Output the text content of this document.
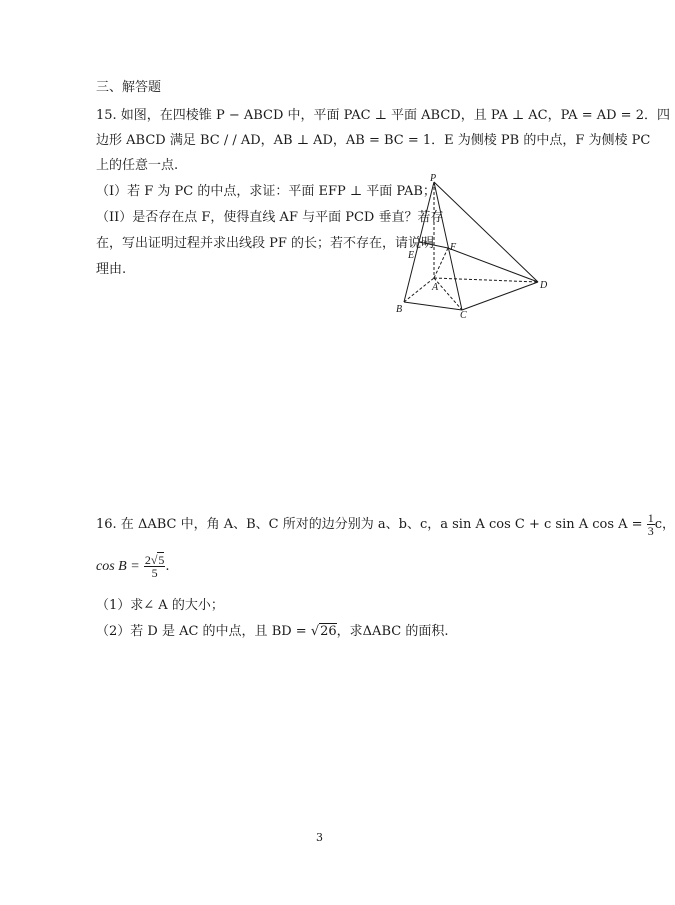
三、解答题
15. 如图，在四棱锥 P − ABCD 中，平面 PAC ⊥ 平面 ABCD，且 PA ⊥ AC，PA = AD = 2．四
边形 ABCD 满足 BC / / AD，AB ⊥ AD，AB = BC = 1．E 为侧棱 PB 的中点，F 为侧棱 PC
上的任意一点.
（I）若 F 为 PC 的中点，求证：平面 EFP ⊥ 平面 PAB；
（II）是否存在点 F，使得直线 AF 与平面 PCD 垂直？若存
在，写出证明过程并求出线段 PF 的长；若不存在，请说明
理由.
P
E
F
A
B
C
D
16. 在 ΔABC 中，角 A、B、C 所对的边分别为 a、b、c，a sin A cos C + c sin A $\cos A = \frac{1}{3}$ c，
$\cos B = \frac{2√5}{5}$ .
（1）求∠ A 的大小；
（2）若 D 是 AC 的中点，且 BD = √26，求ΔABC 的面积.
3
